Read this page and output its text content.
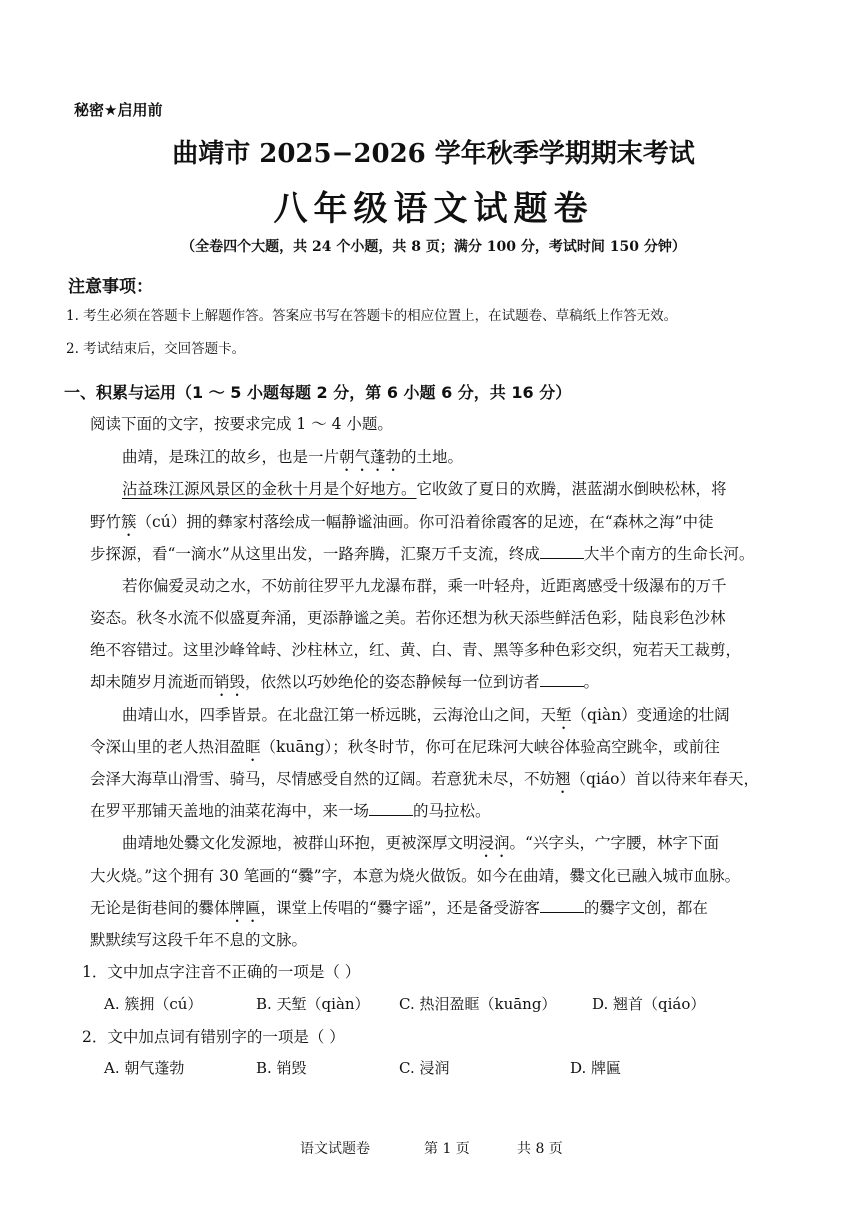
秘密★启用前
曲靖市 2025−2026 学年秋季学期期末考试
八年级语文试题卷
（全卷四个大题，共 24 个小题，共 8 页；满分 100 分，考试时间 150 分钟）
注意事项：
1. 考生必须在答题卡上解题作答。答案应书写在答题卡的相应位置上，在试题卷、草稿纸上作答无效。
2. 考试结束后，交回答题卡。
一、积累与运用（1 ～ 5 小题每题 2 分，第 6 小题 6 分，共 16 分）
阅读下面的文字，按要求完成 1 ～ 4 小题。
曲靖，是珠江的故乡，也是一片朝气蓬勃的土地。
沾益珠江源风景区的金秋十月是个好地方。它收敛了夏日的欢腾，湛蓝湖水倒映松林，将
野竹簇（cú）拥的彝家村落绘成一幅静谧油画。你可沿着徐霞客的足迹，在“森林之海”中徒
步探源，看“一滴水”从这里出发，一路奔腾，汇聚万千支流，终成	大半个南方的生命长河。
若你偏爱灵动之水，不妨前往罗平九龙瀑布群，乘一叶轻舟，近距离感受十级瀑布的万千
姿态。秋冬水流不似盛夏奔涌，更添静谧之美。若你还想为秋天添些鲜活色彩，陆良彩色沙林
绝不容错过。这里沙峰耸峙、沙柱林立，红、黄、白、青、黑等多种色彩交织，宛若天工裁剪，
却未随岁月流逝而销毁，依然以巧妙绝伦的姿态静候每一位到访者	。
曲靖山水，四季皆景。在北盘江第一桥远眺，云海沧山之间，天堑（qiàn）变通途的壮阔
令深山里的老人热泪盈眶（kuāng）；秋冬时节，你可在尼珠河大峡谷体验高空跳伞，或前往
会泽大海草山滑雪、骑马，尽情感受自然的辽阔。若意犹未尽，不妨翘（qiáo）首以待来年春天，
在罗平那铺天盖地的油菜花海中，来一场	的马拉松。
曲靖地处爨文化发源地，被群山环抱，更被深厚文明浸润。“兴字头，宀字腰，林字下面
大火烧。”这个拥有 30 笔画的“爨”字，本意为烧火做饭。如今在曲靖，爨文化已融入城市血脉。
无论是街巷间的爨体牌匾，课堂上传唱的“爨字谣”，还是备受游客	的爨字文创，都在
默默续写这段千年不息的文脉。
1．文中加点字注音不正确的一项是（ ）
A. 簇拥（cú）	B. 天堑（qiàn） C. 热泪盈眶（kuāng） D. 翘首（qiáo）
2．文中加点词有错别字的一项是（ ）
A. 朝气蓬勃	B. 销毁	C. 浸润	D. 牌匾
语文试题卷	第 1 页	共 8 页
